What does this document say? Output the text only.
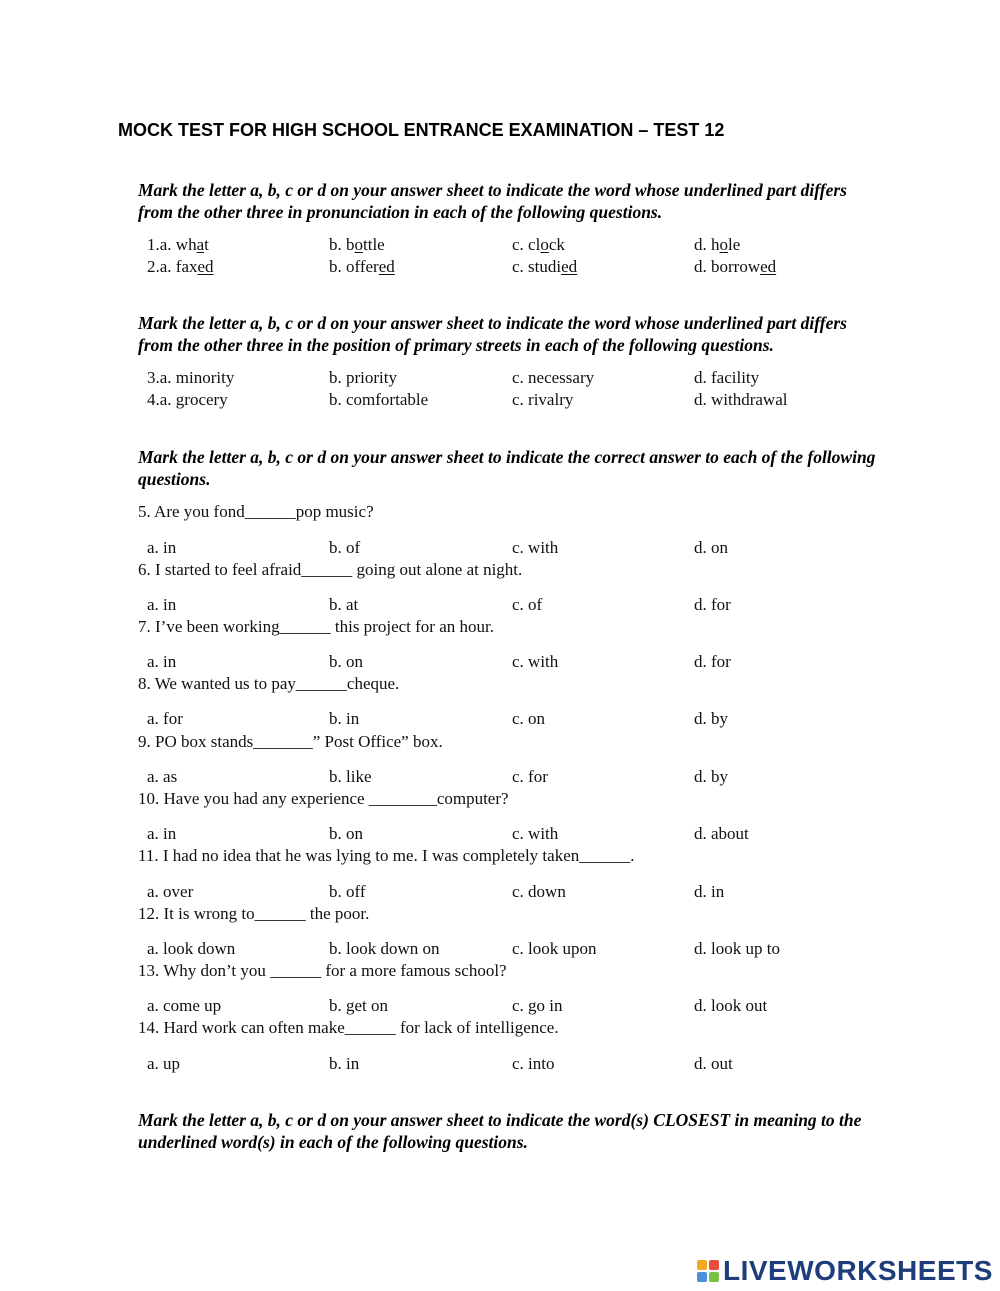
MOCK TEST FOR HIGH SCHOOL ENTRANCE EXAMINATION – TEST 12
Mark the letter a, b, c or d on your answer sheet to indicate the word whose underlined part differs from the other three in pronunciation in each of the following questions.
1.a. what	b. bottle	c. clock	d. hole
2.a. faxed	b. offered	c. studied	d. borrowed
Mark the letter a, b, c or d on your answer sheet to indicate the word whose underlined part differs from the other three in the position of primary streets in each of the following questions.
3.a. minority	b. priority	c. necessary	d. facility
4.a. grocery	b. comfortable	c. rivalry	d. withdrawal
Mark the letter a, b, c or d on your answer sheet to indicate the correct answer to each of the following questions.
5. Are you fond______pop music?
a. in	b. of	c. with	d. on
6. I started to feel afraid______ going out alone at night.
a. in	b. at	c. of	d. for
7. I’ve been working______ this project for an hour.
a. in	b. on	c. with	d. for
8. We wanted us to pay______cheque.
a. for	b. in	c. on	d. by
9. PO box stands_______” Post Office” box.
a. as	b. like	c. for	d. by
10. Have you had any experience ________computer?
a. in	b. on	c. with	d. about
11. I had no idea that he was lying to me. I was completely taken______.
a. over	b. off	c. down	d. in
12. It is wrong to______ the poor.
a. look down	b. look down on	c. look upon	d. look up to
13. Why don’t you ______ for a more famous school?
a. come up	b. get on	c. go in	d. look out
14. Hard work can often make______ for lack of intelligence.
a. up	b. in	c. into	d. out
Mark the letter a, b, c or d on your answer sheet to indicate the word(s) CLOSEST in meaning to the underlined word(s) in each of the following questions.
LIVEWORKSHEETS
